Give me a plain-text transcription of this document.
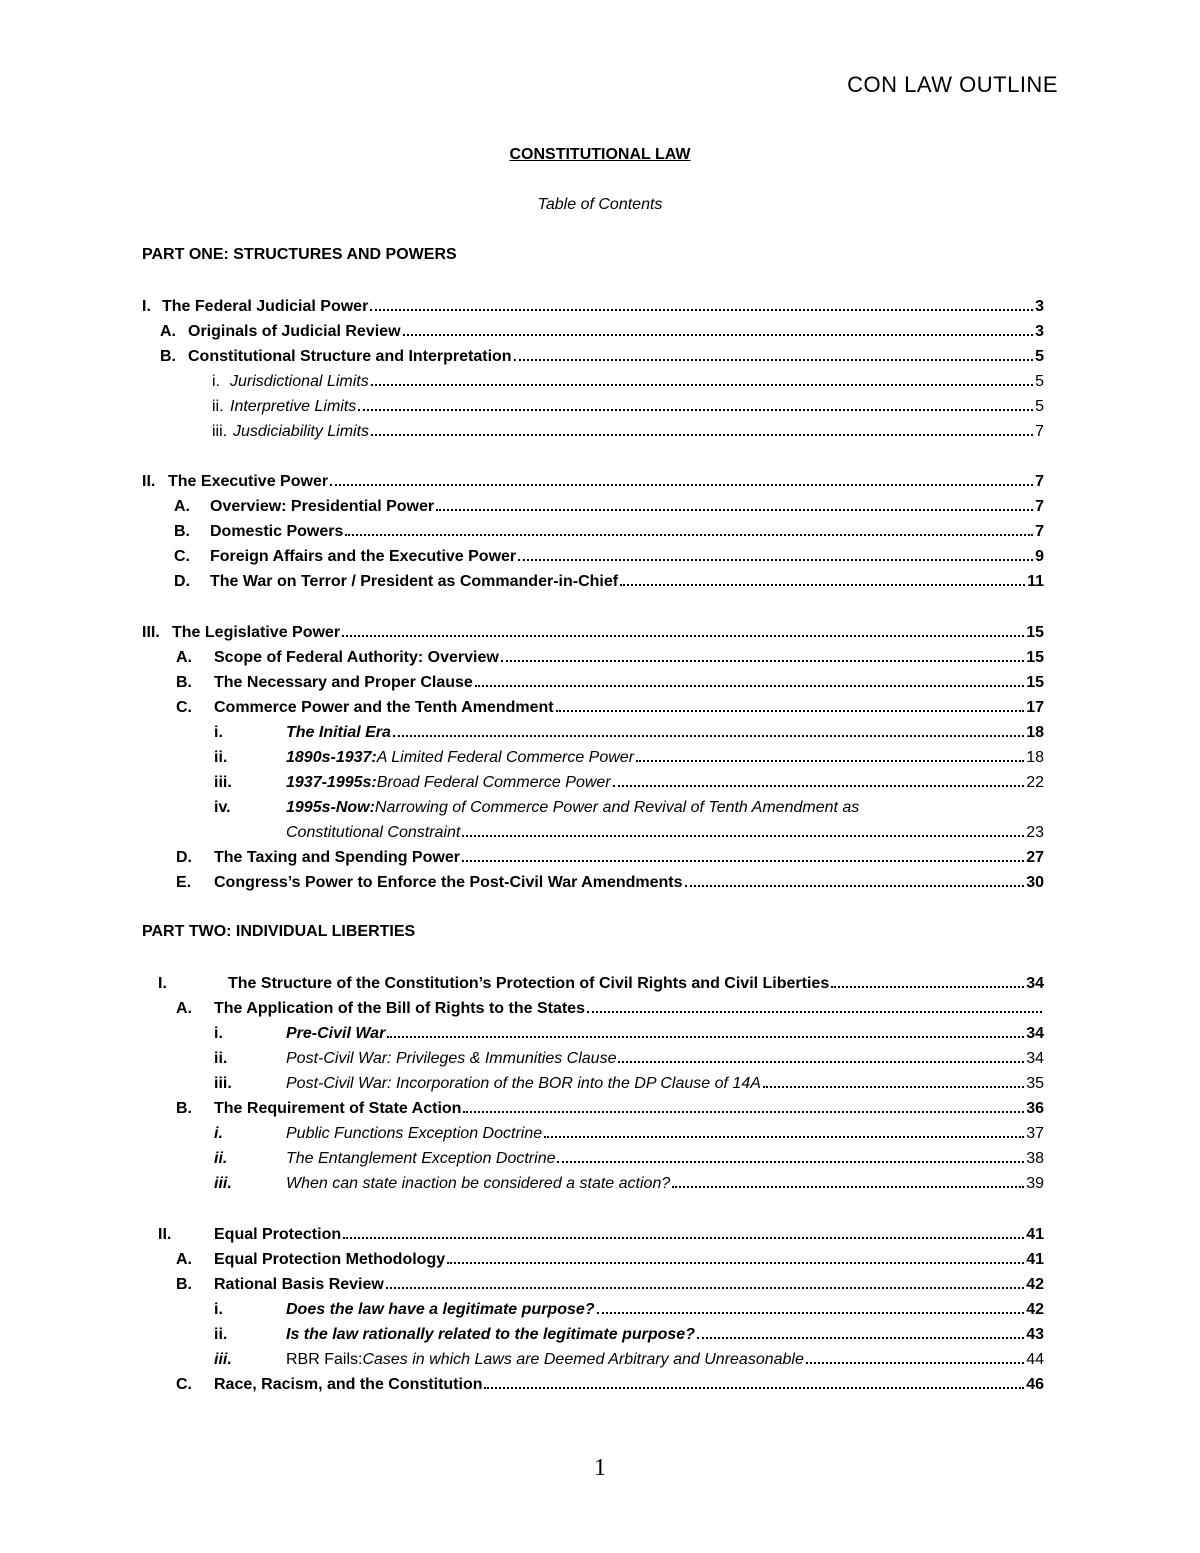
CON LAW OUTLINE
CONSTITUTIONAL LAW
Table of Contents
PART ONE: STRUCTURES AND POWERS
PART TWO: INDIVIDUAL LIBERTIES
I. The Federal Judicial Power	3
A. Originals of Judicial Review	3
B. Constitutional Structure and Interpretation	5
i. Jurisdictional Limits	5
ii. Interpretive Limits	5
iii. Jusdiciability Limits	7
II. The Executive Power	7
A.	Overview: Presidential Power	7
B.	Domestic Powers	7
C.	Foreign Affairs and the Executive Power	9
D.	The War on Terror / President as Commander-in-Chief	11
III. The Legislative Power	15
A.	Scope of Federal Authority: Overview	15
B.	The Necessary and Proper Clause	15
C.	Commerce Power and the Tenth Amendment	17
i.	The Initial Era	18
ii.	1890s-1937: A Limited Federal Commerce Power	18
iii.	1937-1995s: Broad Federal Commerce Power	22
iv.	1995s-Now: Narrowing of Commerce Power and Revival of Tenth Amendment as
Constitutional Constraint	23
D.	The Taxing and Spending Power	27
E.	Congress’s Power to Enforce the Post-Civil War Amendments	30
I.	The Structure of the Constitution’s Protection of Civil Rights and Civil Liberties	34
A.	The Application of the Bill of Rights to the States
i.	Pre-Civil War	34
ii.	Post-Civil War: Privileges & Immunities Clause	34
iii.	Post-Civil War: Incorporation of the BOR into the DP Clause of 14A	35
B.	The Requirement of State Action	36
i.	Public Functions Exception Doctrine	37
ii.	The Entanglement Exception Doctrine	38
iii.	When can state inaction be considered a state action?	39
II.	Equal Protection	41
A.	Equal Protection Methodology	41
B.	Rational Basis Review	42
i.	Does the law have a legitimate purpose?	42
ii.	Is the law rationally related to the legitimate purpose?	43
iii.	RBR Fails: Cases in which Laws are Deemed Arbitrary and Unreasonable	44
C.	Race, Racism, and the Constitution	46
1
